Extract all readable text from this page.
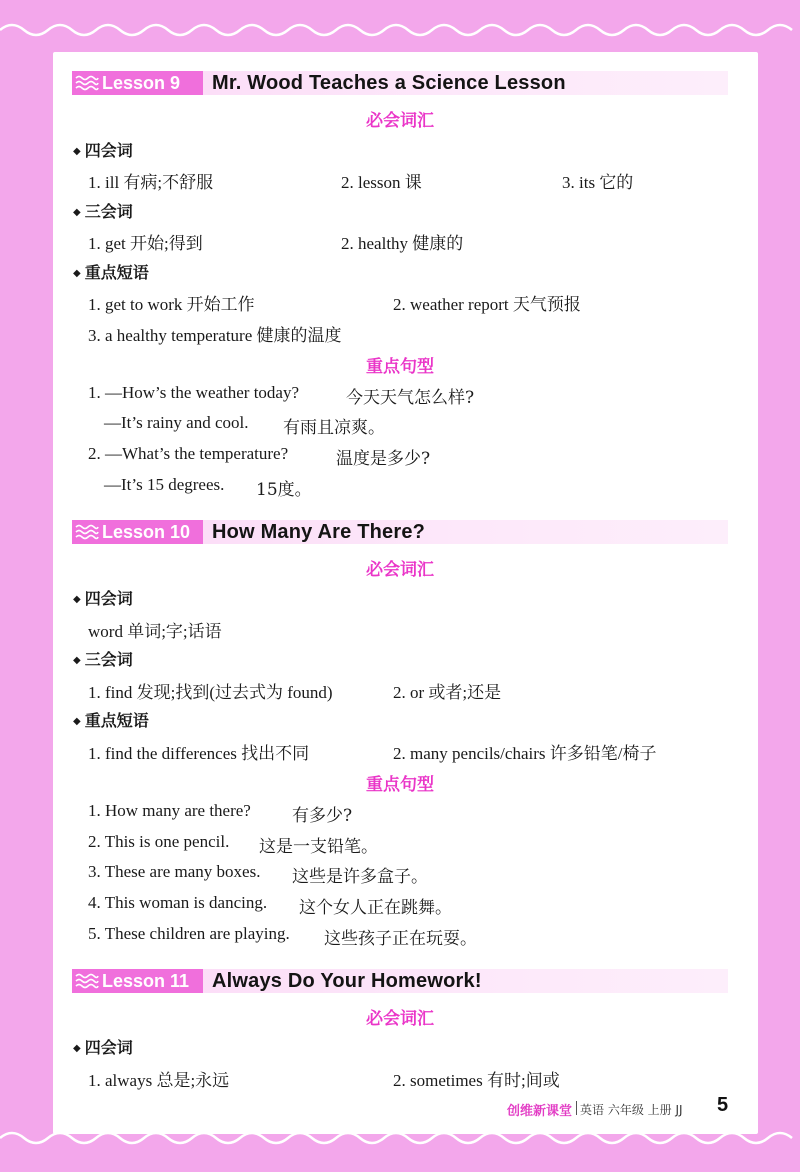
Lesson 9 Mr. Wood Teaches a Science Lesson
必会词汇
◆ 四会词
1. ill 有病;不舒服	2. lesson 课	3. its 它的
◆ 三会词
1. get 开始;得到	2. healthy 健康的
◆ 重点短语
1. get to work 开始工作	2. weather report 天气预报
3. a healthy temperature 健康的温度
重点句型
1. —How’s the weather today?	今天天气怎么样?
—It’s rainy and cool. 有雨且凉爽。
2. —What’s the temperature?	温度是多少?
—It’s 15 degrees. 15度。
Lesson 10 How Many Are There?
必会词汇
◆ 四会词
word 单词;字;话语
◆ 三会词
1. find 发现;找到(过去式为 found)	2. or 或者;还是
◆ 重点短语
1. find the differences 找出不同	2. many pencils/chairs 许多铅笔/椅子
重点句型
1. How many are there? 有多少?
2. This is one pencil. 这是一支铅笔。
3. These are many boxes. 这些是许多盒子。
4. This woman is dancing. 这个女人正在跳舞。
5. These children are playing. 这些孩子正在玩耍。
Lesson 11 Always Do Your Homework!
必会词汇
◆ 四会词
1. always 总是;永远	2. sometimes 有时;间或
创维新课堂 英语 六年级 上册 JJ 5
